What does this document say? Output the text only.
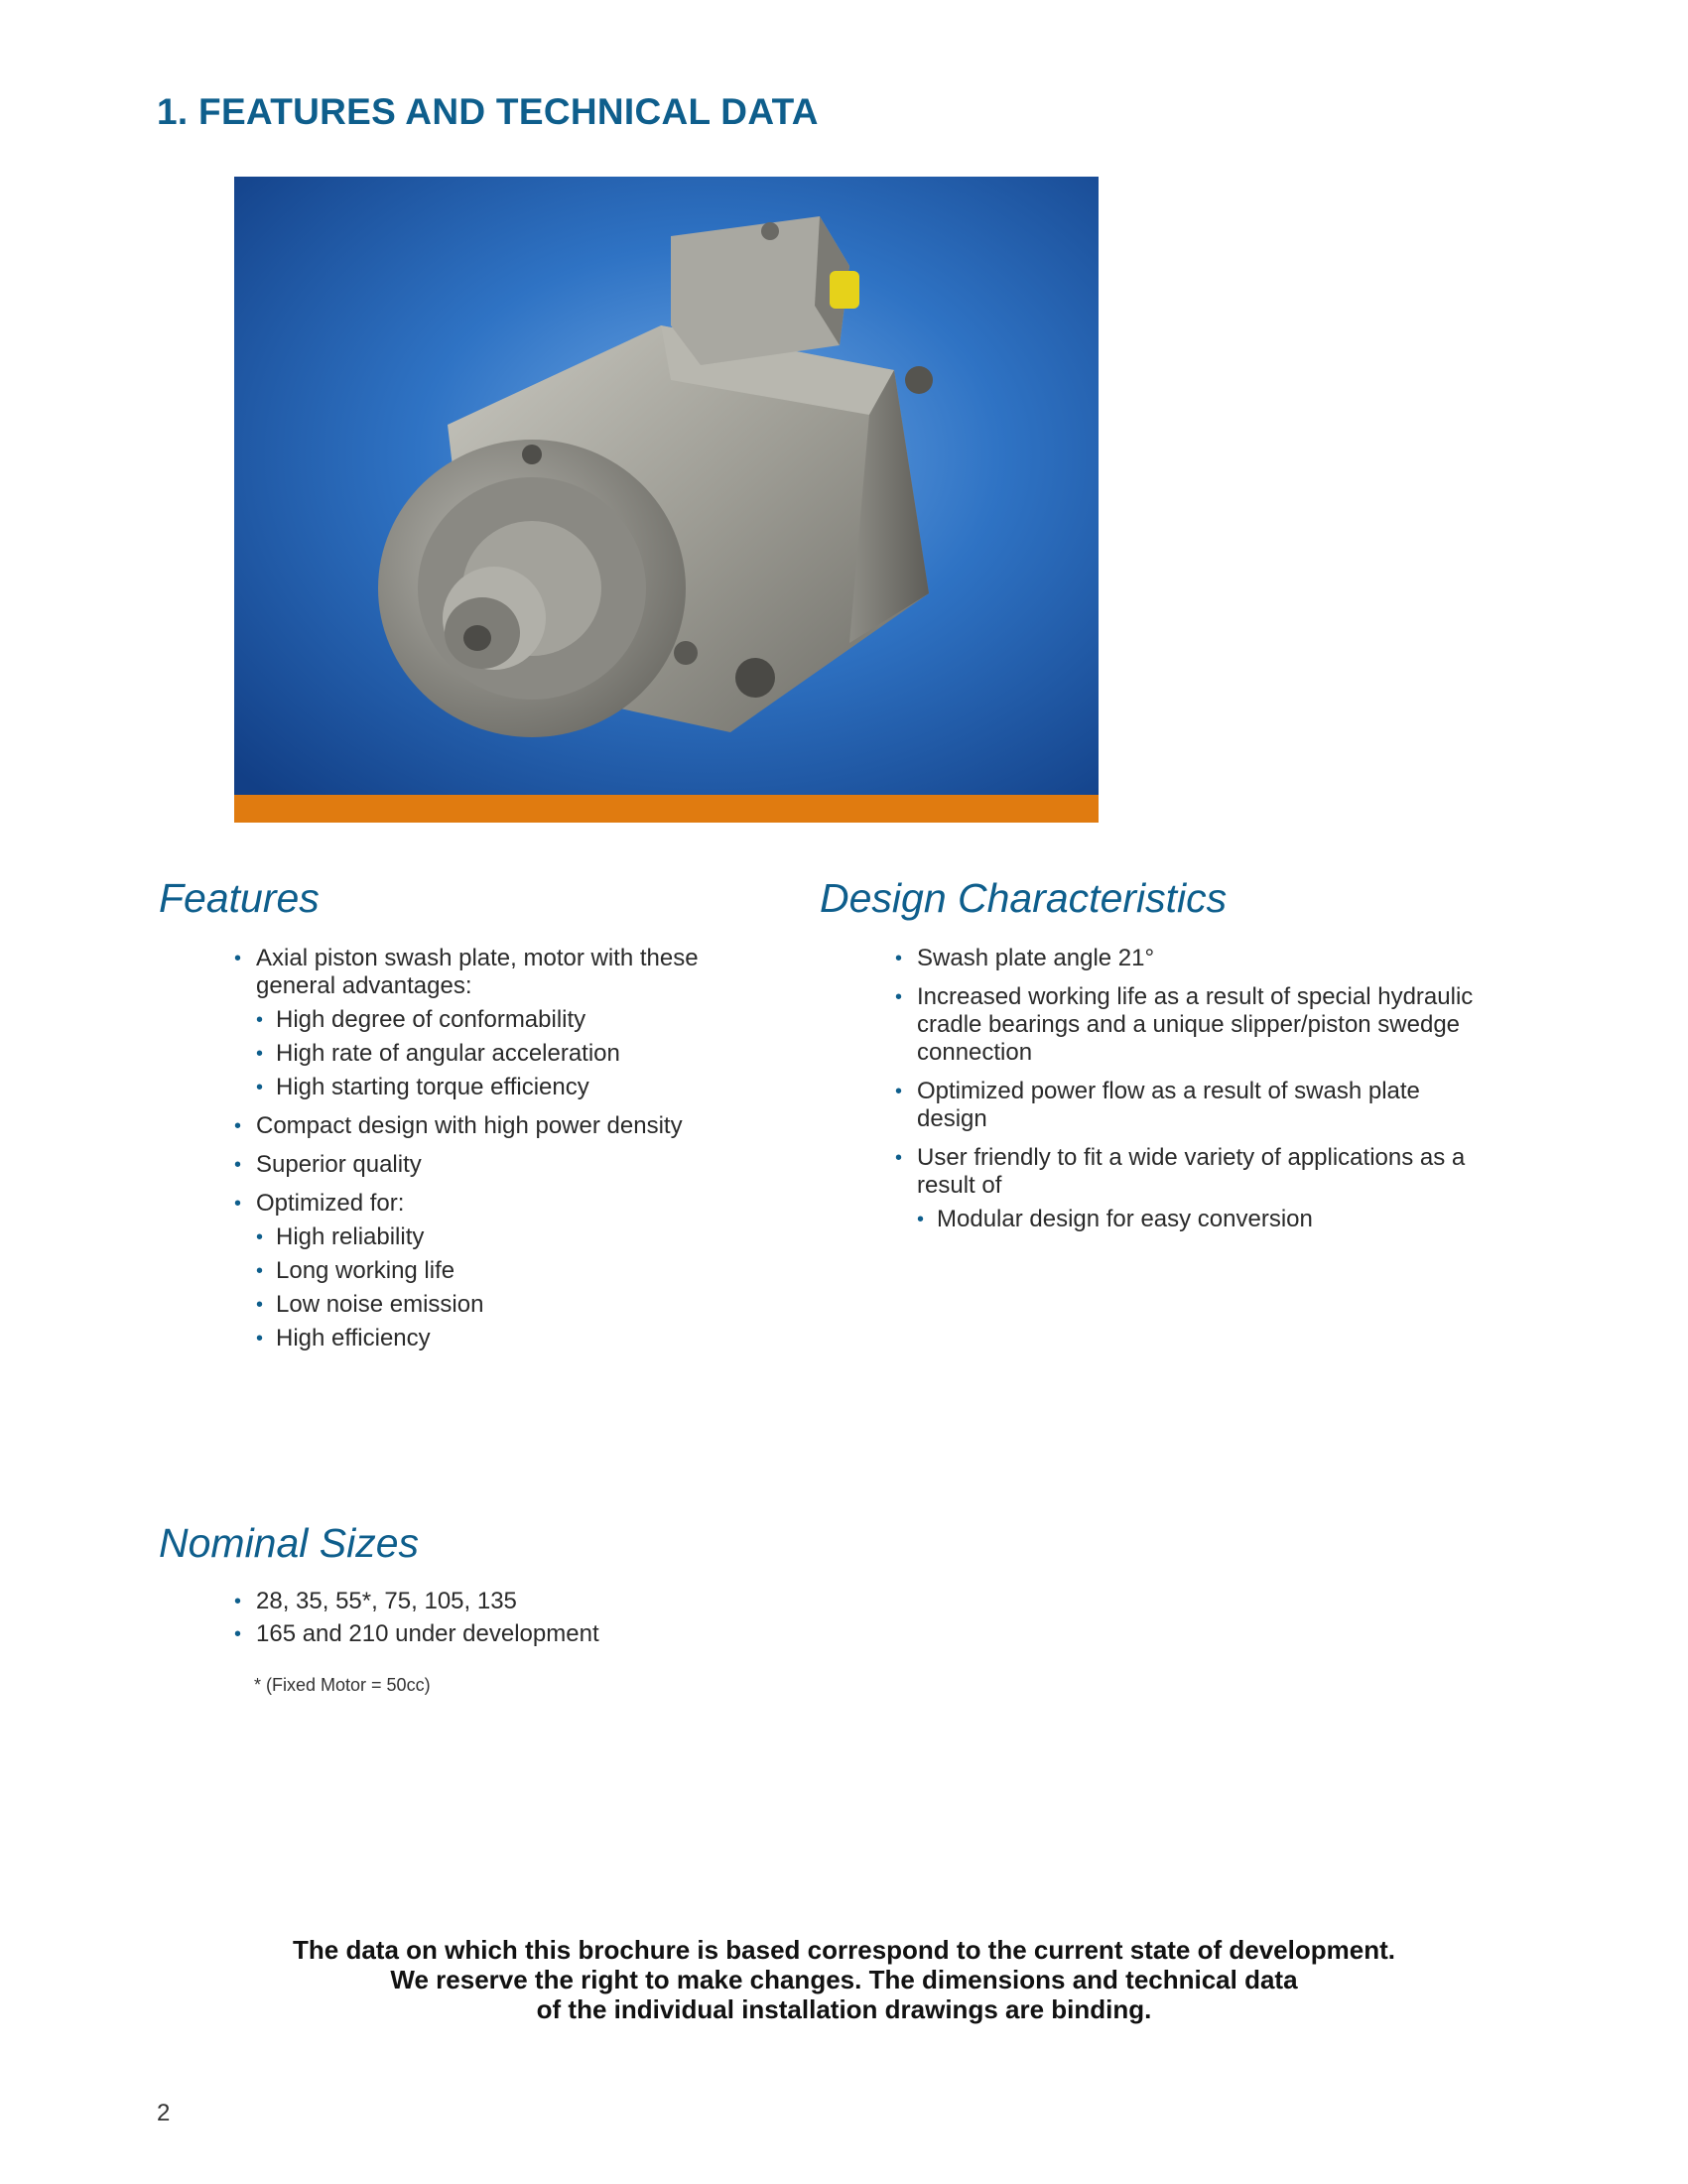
1. FEATURES AND TECHNICAL DATA
Features
• Axial piston swash plate, motor with these general advantages:
• High degree of conformability
• High rate of angular acceleration
• High starting torque efficiency
• Compact design with high power density
• Superior quality
• Optimized for:
• High reliability
• Long working life
• Low noise emission
• High efficiency
Design Characteristics
• Swash plate angle 21°
• Increased working life as a result of special hydraulic cradle bearings and a unique slipper/piston swedge connection
• Optimized power flow as a result of swash plate design
• User friendly to fit a wide variety of applications as a result of
• Modular design for easy conversion
Nominal Sizes
• 28, 35, 55*, 75, 105, 135
• 165 and 210 under development
* (Fixed Motor = 50cc)
The data on which this brochure is based correspond to the current state of development.
We reserve the right to make changes. The dimensions and technical data
of the individual installation drawings are binding.
2
